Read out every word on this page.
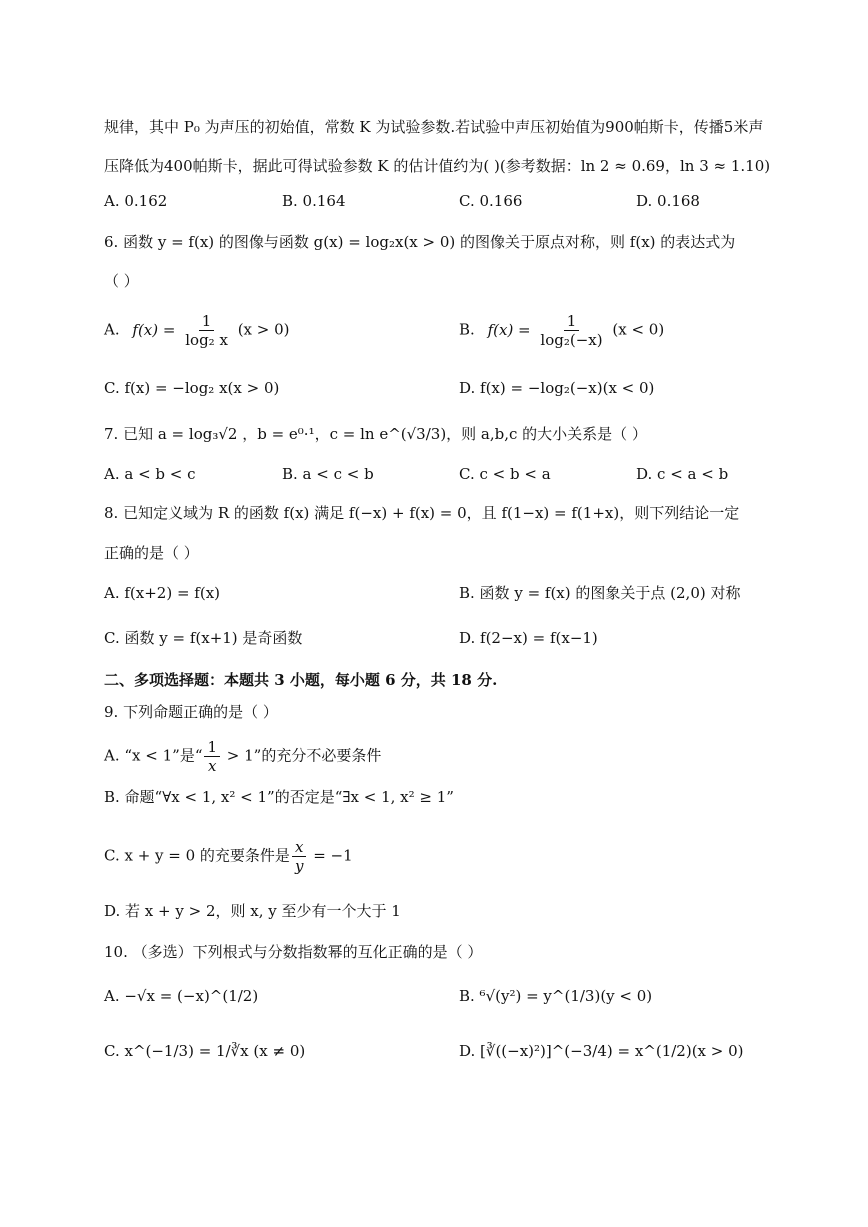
规律，其中 P₀ 为声压的初始值，常数 K 为试验参数.若试验中声压初始值为900帕斯卡，传播5米声
压降低为400帕斯卡，据此可得试验参数 K 的估计值约为( )(参考数据：ln 2 ≈ 0.69，ln 3 ≈ 1.10)
A. 0.162	B. 0.164	C. 0.166	D. 0.168
6. 函数 y = f(x) 的图像与函数 g(x) = log₂x(x > 0) 的图像关于原点对称，则 f(x) 的表达式为
（ ）
A. $f(x) = \frac{1}{\text{log₂ x}} (x > 0)$	B. $f(x) = \frac{1}{\text{log₂(−x)}} (x < 0)$
C. f(x) = −log₂ x(x > 0)	D. f(x) = −log₂(−x)(x < 0)
7. 已知 a = log₃√2 ，b = e⁰·¹，c = ln e^(√3/3)，则 a,b,c 的大小关系是（ ）
A. a < b < c	B. a < c < b	C. c < b < a	D. c < a < b
8. 已知定义域为 R 的函数 f(x) 满足 f(−x) + f(x) = 0，且 f(1−x) = f(1+x)，则下列结论一定
正确的是（ ）
A. f(x+2) = f(x)	B. 函数 y = f(x) 的图象关于点 (2,0) 对称
C. 函数 y = f(x+1) 是奇函数	D. f(2−x) = f(x−1)
二、多项选择题：本题共 3 小题，每小题 6 分，共 18 分.
9. 下列命题正确的是（ ）
A. “x < 1”是“ $\frac{1}{x} > 1$”的充分不必要条件
B. 命题“∀x < 1, x² < 1”的否定是“∃x < 1, x² ≥ 1”
C. x + y = 0 的充要条件是 $\frac{x}{y} = -1$
D. 若 x + y > 2，则 x, y 至少有一个大于 1
10. （多选）下列根式与分数指数幂的互化正确的是（ ）
A. −√x = (−x)^(1/2)	B. ⁶√(y²) = y^(1/3)(y < 0)
C. x^(−1/3) = 1/∛x (x ≠ 0)	D. [∛((−x)²)]^(−3/4) = x^(1/2)(x > 0)
